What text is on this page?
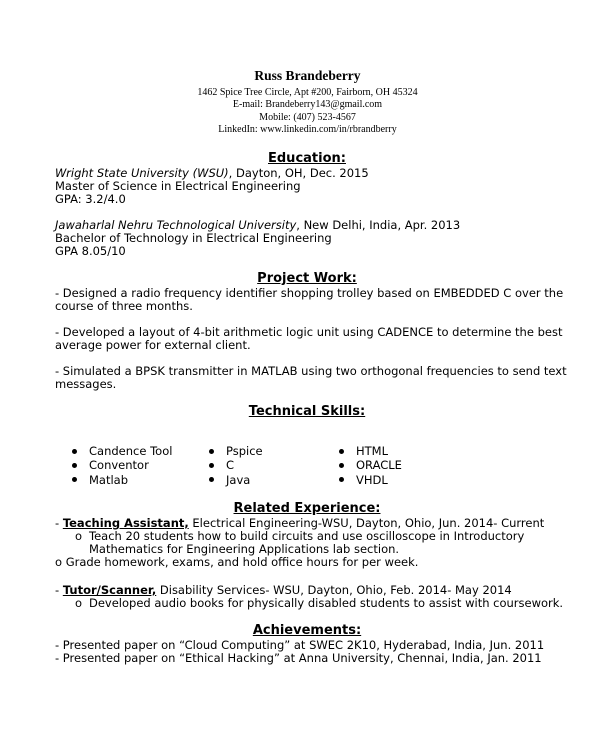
Russ Brandeberry
1462 Spice Tree Circle, Apt #200, Fairborn, OH 45324
E-mail: Brandeberry143@gmail.com
Mobile: (407) 523-4567
LinkedIn: www.linkedin.com/in/rbrandberry
Education:
Wright State University (WSU), Dayton, OH, Dec. 2015
Master of Science in Electrical Engineering
GPA: 3.2/4.0
Jawaharlal Nehru Technological University, New Delhi, India, Apr. 2013
Bachelor of Technology in Electrical Engineering
GPA 8.05/10
Project Work:
- Designed a radio frequency identifier shopping trolley based on EMBEDDED C over the
course of three months.
- Developed a layout of 4-bit arithmetic logic unit using CADENCE to determine the best
average power for external client.
- Simulated a BPSK transmitter in MATLAB using two orthogonal frequencies to send text
messages.
Technical Skills:
Candence Tool
Conventor
Matlab
Pspice
C
Java
HTML
ORACLE
VHDL
Related Experience:
- Teaching Assistant, Electrical Engineering-WSU, Dayton, Ohio, Jun. 2014- Current
o Teach 20 students how to build circuits and use oscilloscope in Introductory
Mathematics for Engineering Applications lab section.
o Grade homework, exams, and hold office hours for per week.
- Tutor/Scanner, Disability Services- WSU, Dayton, Ohio, Feb. 2014- May 2014
o Developed audio books for physically disabled students to assist with coursework.
Achievements:
- Presented paper on “Cloud Computing” at SWEC 2K10, Hyderabad, India, Jun. 2011
- Presented paper on “Ethical Hacking” at Anna University, Chennai, India, Jan. 2011
